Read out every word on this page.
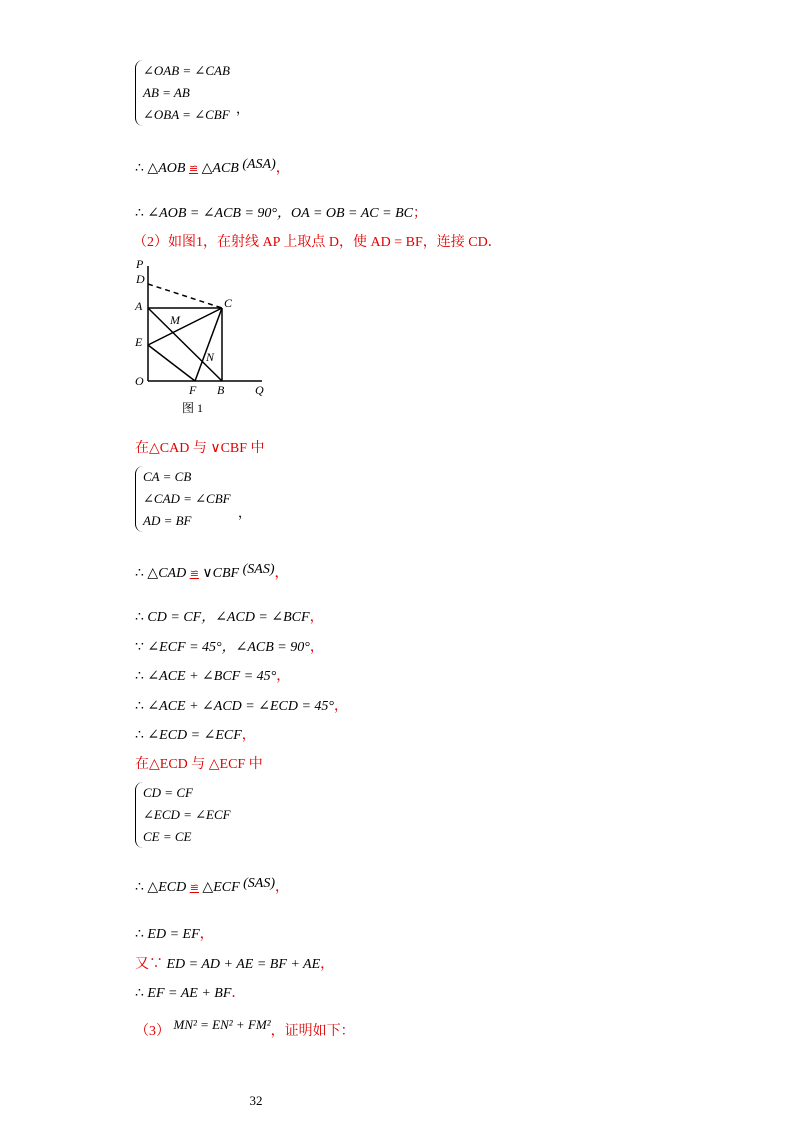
∠OAB = ∠CAB
AB = AB
∠OBA = ∠CBF ，
∴ △AOB ≌ △ACB (ASA)，
∴ ∠AOB = ∠ACB = 90°，OA = OB = AC = BC；
（2）如图1，在射线 AP 上取点 D，使 AD = BF，连接 CD．
P
D
A	C
M
E
N
O
F B	Q
图 1
在△CAD 与 ∨CBF 中
CA = CB
∠CAD = ∠CBF
AD = BF
，
∴ △CAD ≌ ∨CBF (SAS)，
∴ CD = CF，∠ACD = ∠BCF，
∵ ∠ECF = 45°，∠ACB = 90°，
∴ ∠ACE + ∠BCF = 45°，
∴ ∠ACE + ∠ACD = ∠ECD = 45°，
∴ ∠ECD = ∠ECF，
在△ECD 与 △ECF 中
CD = CF
∠ECD = ∠ECF
CE = CE
∴ △ECD ≌ △ECF (SAS)，
∴ ED = EF，
又∵ ED = AD + AE = BF + AE，
∴ EF = AE + BF．
（3） MN² = EN² + FM²，证明如下：
32
